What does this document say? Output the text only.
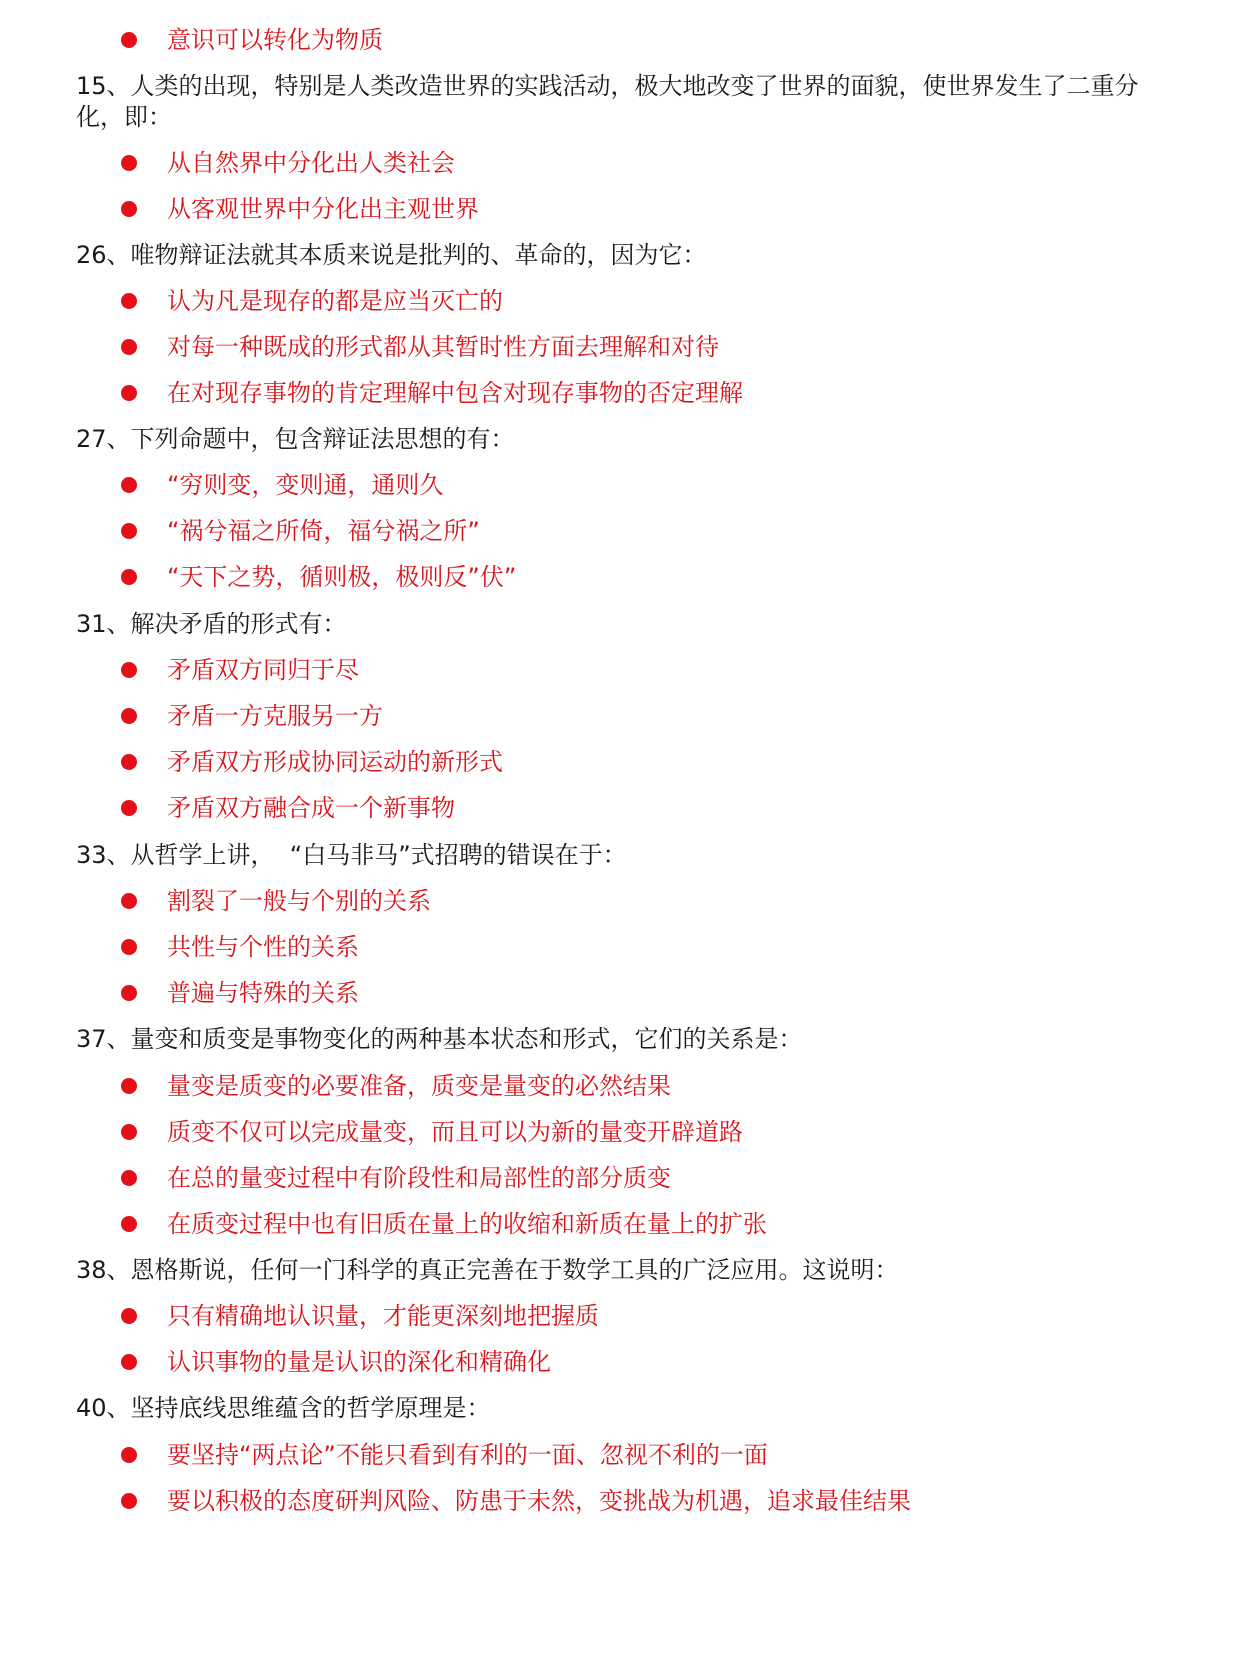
意识可以转化为物质
15、人类的出现，特别是人类改造世界的实践活动，极大地改变了世界的面貌，使世界发生了二重分
化，即：
从自然界中分化出人类社会
从客观世界中分化出主观世界
26、唯物辩证法就其本质来说是批判的、革命的，因为它：
认为凡是现存的都是应当灭亡的
对每一种既成的形式都从其暂时性方面去理解和对待
在对现存事物的肯定理解中包含对现存事物的否定理解
27、下列命题中，包含辩证法思想的有：
“穷则变，变则通，通则久
“祸兮福之所倚，福兮祸之所”
“天下之势，循则极，极则反”伏”
31、解决矛盾的形式有：
矛盾双方同归于尽
矛盾一方克服另一方
矛盾双方形成协同运动的新形式
矛盾双方融合成一个新事物
33、从哲学上讲，  “白马非马”式招聘的错误在于：
割裂了一般与个别的关系
共性与个性的关系
普遍与特殊的关系
37、量变和质变是事物变化的两种基本状态和形式，它们的关系是：
量变是质变的必要准备，质变是量变的必然结果
质变不仅可以完成量变，而且可以为新的量变开辟道路
在总的量变过程中有阶段性和局部性的部分质变
在质变过程中也有旧质在量上的收缩和新质在量上的扩张
38、恩格斯说，任何一门科学的真正完善在于数学工具的广泛应用。这说明：
只有精确地认识量，才能更深刻地把握质
认识事物的量是认识的深化和精确化
40、坚持底线思维蕴含的哲学原理是：
要坚持“两点论”不能只看到有利的一面、忽视不利的一面
要以积极的态度研判风险、防患于未然，变挑战为机遇，追求最佳结果
